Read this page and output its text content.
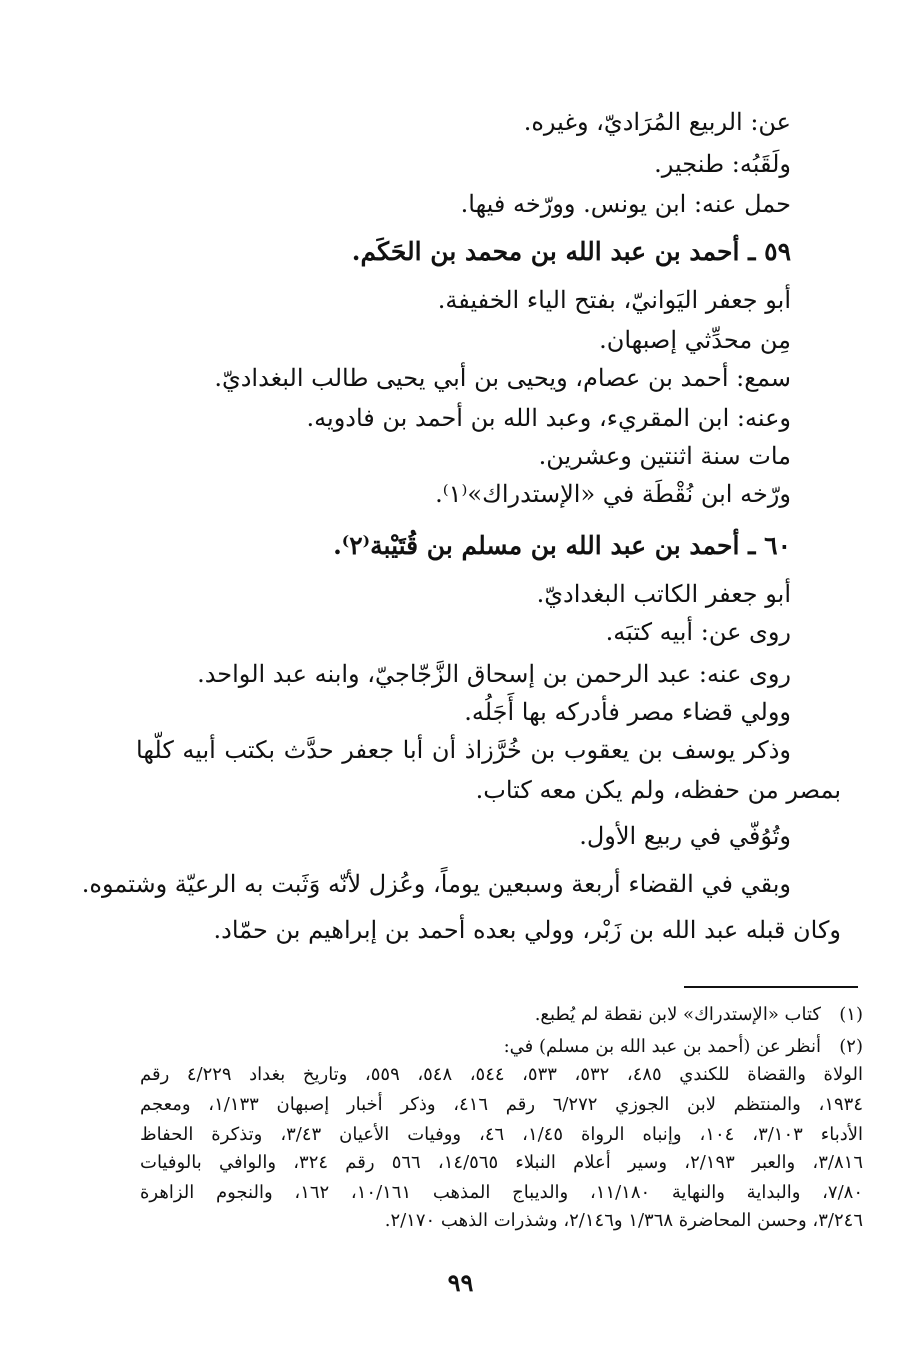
عن: الربيع المُرَاديّ، وغيره.
ولَقَبُه: طنجير.
حمل عنه: ابن يونس. وورّخه فيها.
٥٩ ـ أحمد بن عبد الله بن محمد بن الحَكَم.
أبو جعفر اليَوانيّ، بفتح الياء الخفيفة.
مِن محدِّثي إصبهان.
سمع: أحمد بن عصام، ويحيى بن أبي يحيى طالب البغداديّ.
وعنه: ابن المقريء، وعبد الله بن أحمد بن فادويه.
مات سنة اثنتين وعشرين.
ورّخه ابن نُقْطَة في «الإستدراك»⁽١⁾.
٦٠ ـ أحمد بن عبد الله بن مسلم بن قُتَيْبة⁽٢⁾.
أبو جعفر الكاتب البغداديّ.
روى عن: أبيه كتبَه.
روى عنه: عبد الرحمن بن إسحاق الزَّجّاجيّ، وابنه عبد الواحد.
وولي قضاء مصر فأدركه بها أَجَلُه.
وذكر يوسف بن يعقوب بن خُرَّزاذ أن أبا جعفر حدَّث بكتب أبيه كلّها
بمصر من حفظه، ولم يكن معه كتاب.
وتُوُفّي في ربيع الأول.
وبقي في القضاء أربعة وسبعين يوماً، وعُزل لأنّه وَثَبت به الرعيّة وشتموه.
وكان قبله عبد الله بن زَبْر، وولي بعده أحمد بن إبراهيم بن حمّاد.
(١)
كتاب «الإستدراك» لابن نقطة لم يُطبع.
(٢)
أنظر عن (أحمد بن عبد الله بن مسلم) في:
الولاة والقضاة للكندي ٤٨٥، ٥٣٢، ٥٣٣، ٥٤٤، ٥٤٨، ٥٥٩، وتاريخ بغداد ٤/٢٢٩ رقم
١٩٣٤، والمنتظم لابن الجوزي ٦/٢٧٢ رقم ٤١٦، وذكر أخبار إصبهان ١/١٣٣، ومعجم
الأدباء ٣/١٠٣، ١٠٤، وإنباه الرواة ١/٤٥، ٤٦، ووفيات الأعيان ٣/٤٣، وتذكرة الحفاظ
٣/٨١٦، والعبر ٢/١٩٣، وسير أعلام النبلاء ١٤/٥٦٥، ٥٦٦ رقم ٣٢٤، والوافي بالوفيات
٧/٨٠، والبداية والنهاية ١١/١٨٠، والديباج المذهب ١٠/١٦١، ١٦٢، والنجوم الزاهرة
٣/٢٤٦، وحسن المحاضرة ١/٣٦٨ و٢/١٤٦، وشذرات الذهب ٢/١٧٠.
٩٩
